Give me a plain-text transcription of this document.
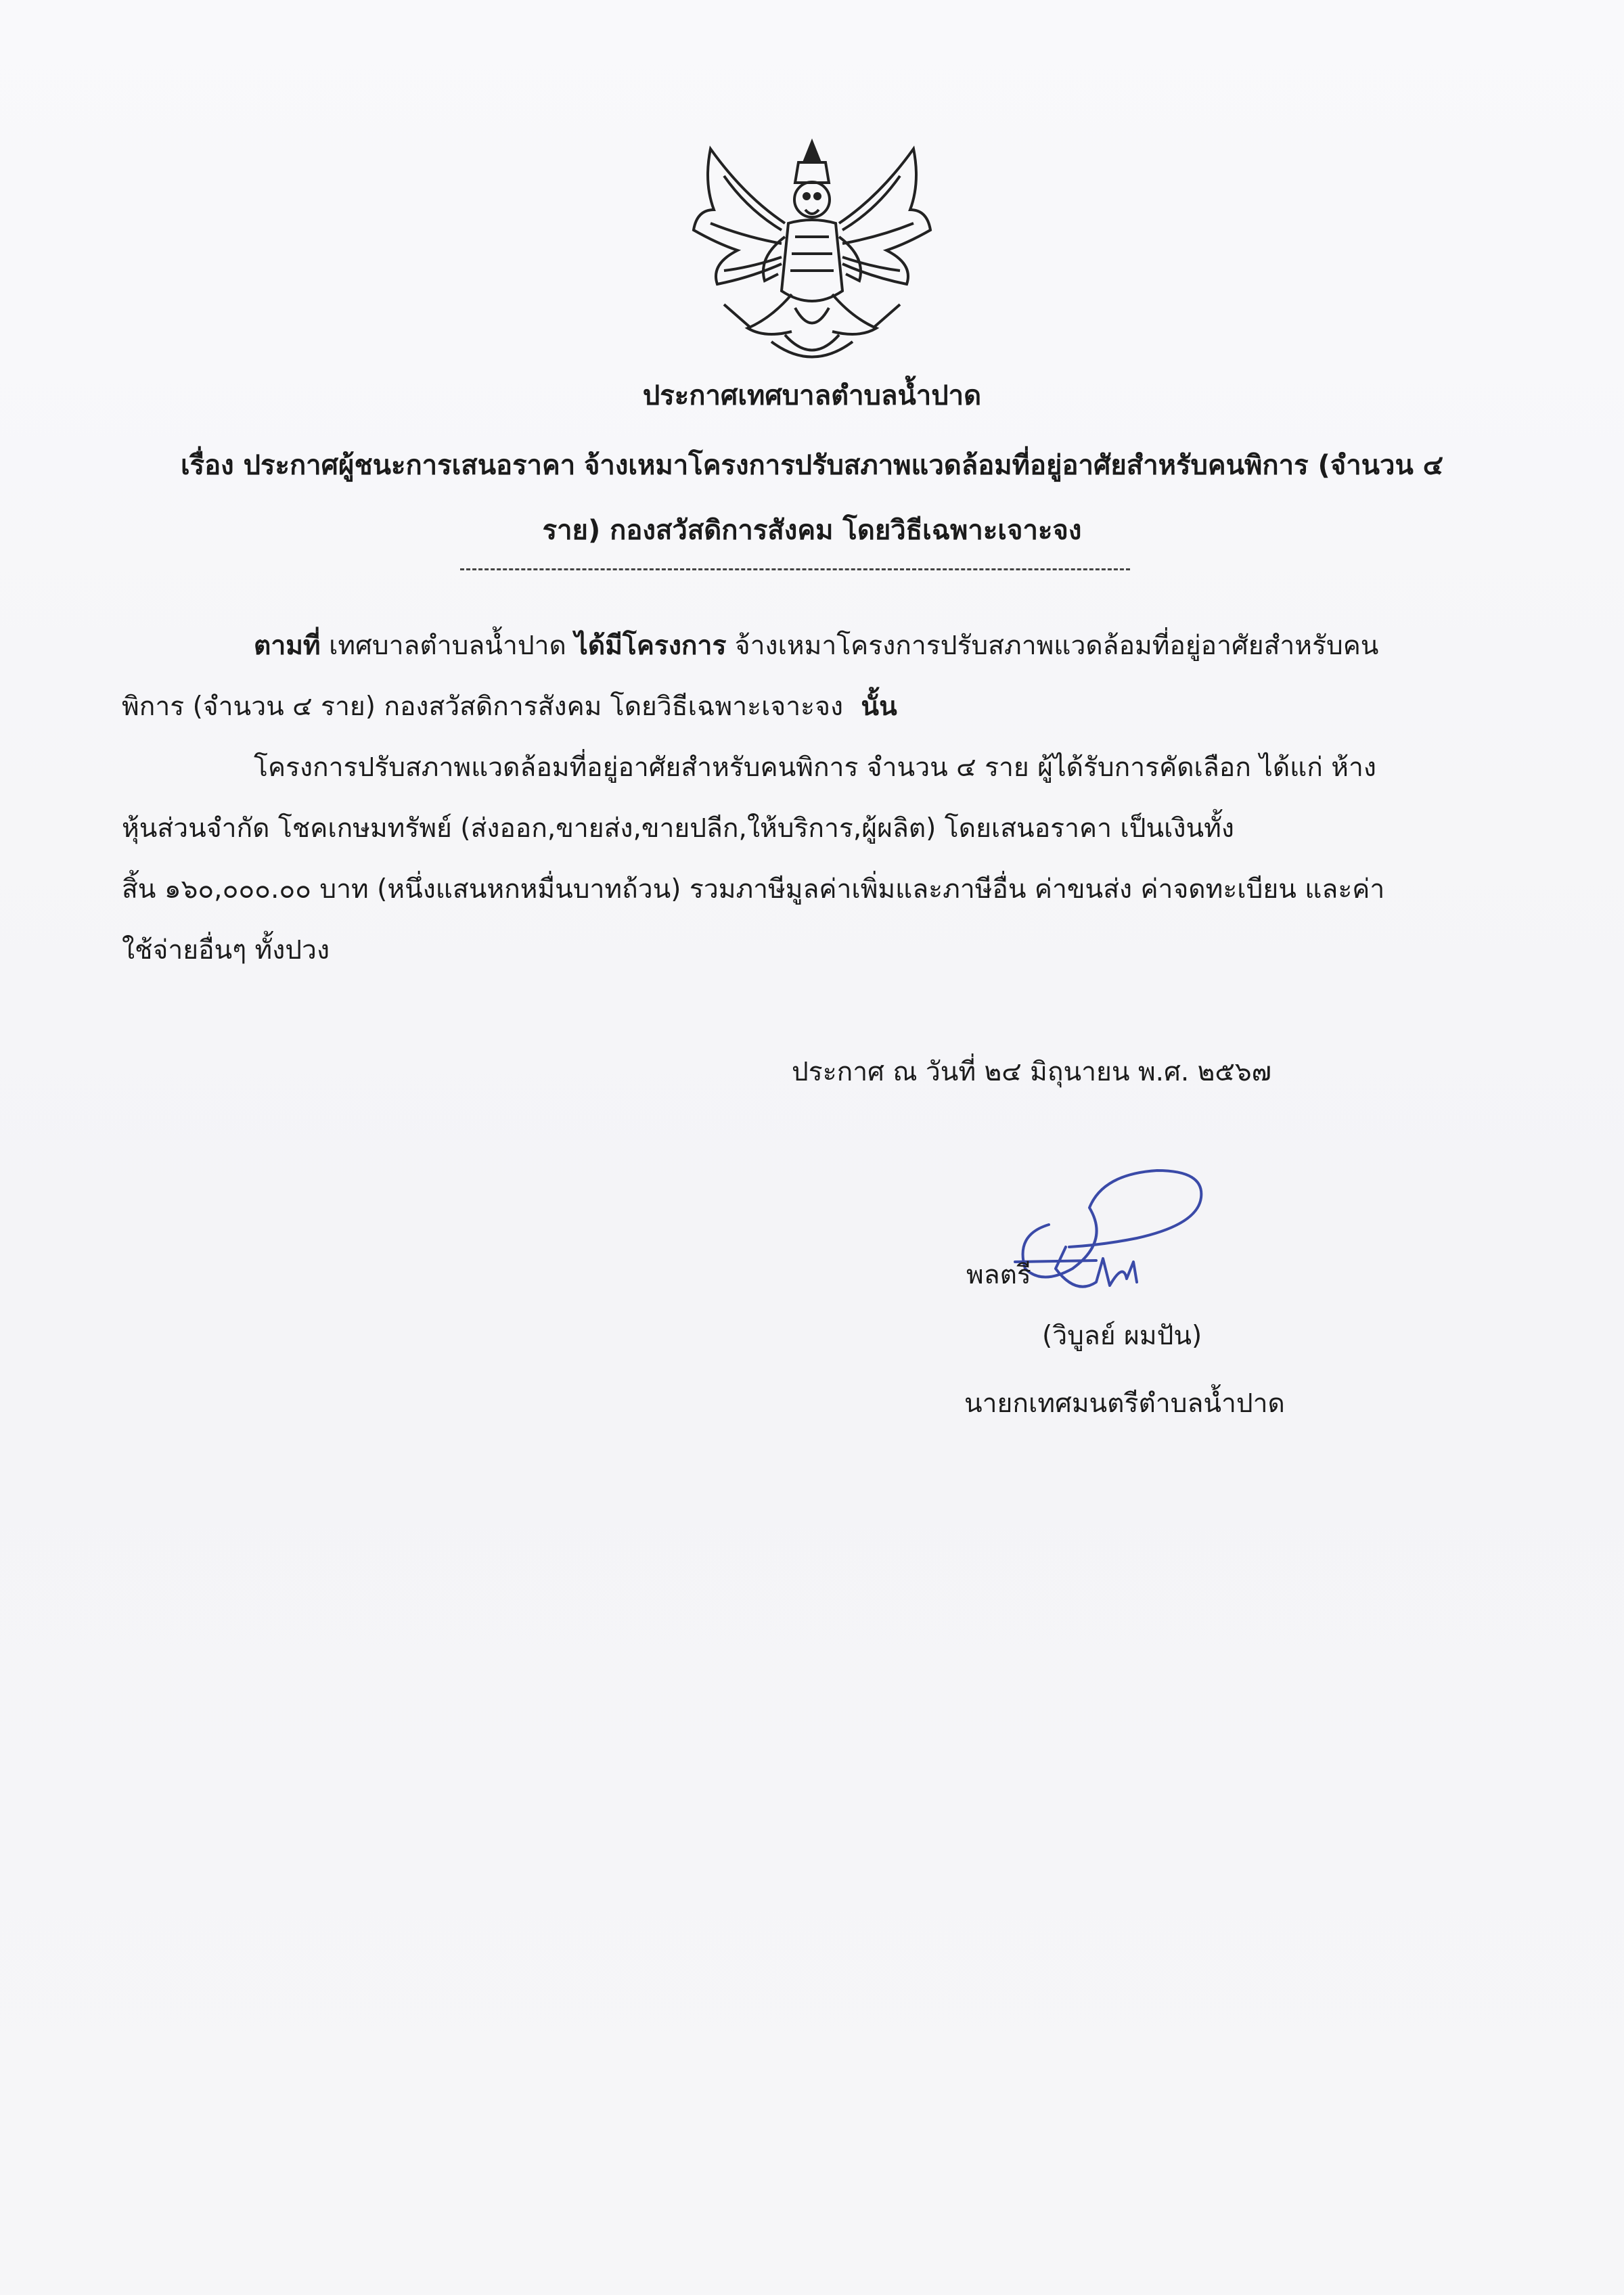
ประกาศเทศบาลตำบลน้ำปาด
เรื่อง ประกาศผู้ชนะการเสนอราคา จ้างเหมาโครงการปรับสภาพแวดล้อมที่อยู่อาศัยสำหรับคนพิการ (จำนวน ๔
ราย) กองสวัสดิการสังคม โดยวิธีเฉพาะเจาะจง
ตามที่ เทศบาลตำบลน้ำปาด ได้มีโครงการ จ้างเหมาโครงการปรับสภาพแวดล้อมที่อยู่อาศัยสำหรับคน
พิการ (จำนวน ๔ ราย) กองสวัสดิการสังคม โดยวิธีเฉพาะเจาะจง นั้น
โครงการปรับสภาพแวดล้อมที่อยู่อาศัยสำหรับคนพิการ จำนวน ๔ ราย ผู้ได้รับการคัดเลือก ได้แก่ ห้าง
หุ้นส่วนจำกัด โชคเกษมทรัพย์ (ส่งออก,ขายส่ง,ขายปลีก,ให้บริการ,ผู้ผลิต) โดยเสนอราคา เป็นเงินทั้ง
สิ้น ๑๖๐,๐๐๐.๐๐ บาท (หนึ่งแสนหกหมื่นบาทถ้วน) รวมภาษีมูลค่าเพิ่มและภาษีอื่น ค่าขนส่ง ค่าจดทะเบียน และค่า
ใช้จ่ายอื่นๆ ทั้งปวง
ประกาศ ณ วันที่ ๒๔ มิถุนายน พ.ศ. ๒๕๖๗
พลตรี
(วิบูลย์ ผมปัน)
นายกเทศมนตรีตำบลน้ำปาด
